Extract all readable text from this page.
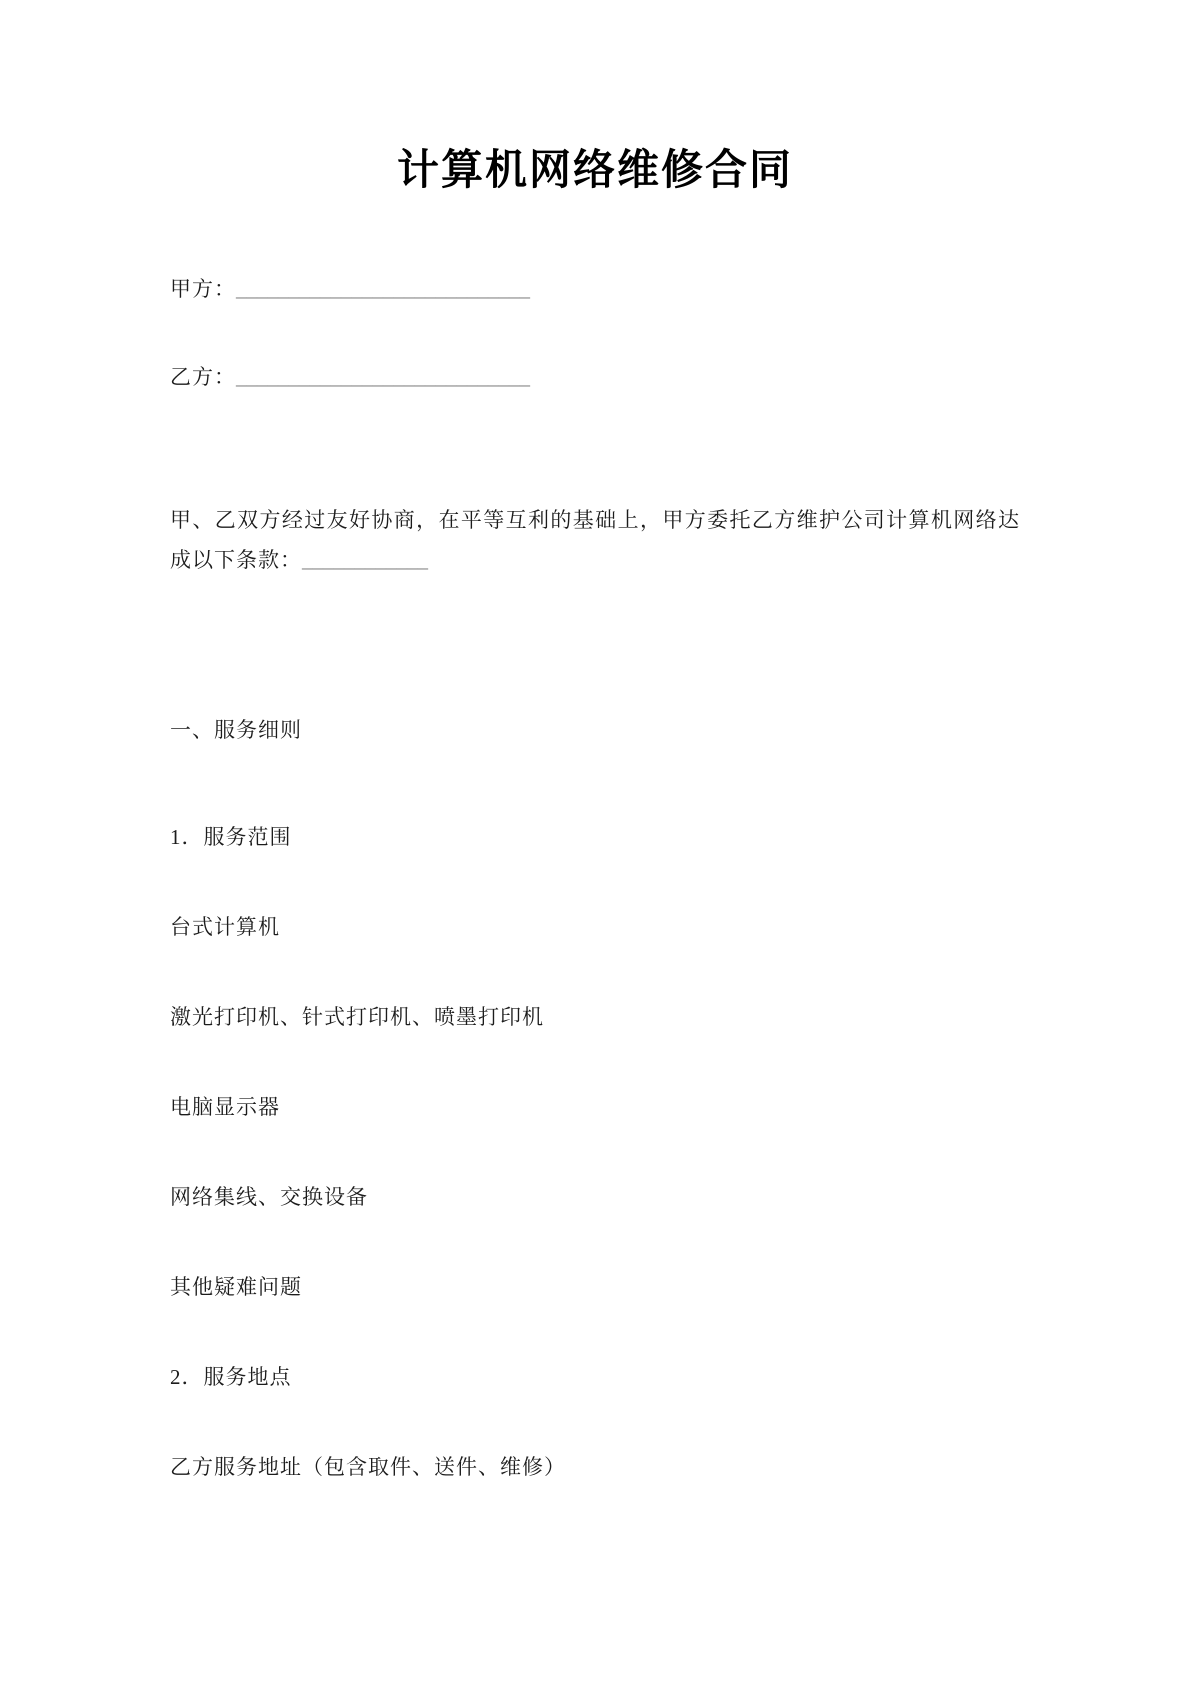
计算机网络维修合同

甲方：____________________________

乙方：____________________________

甲、乙双方经过友好协商，在平等互利的基础上，甲方委托乙方维护公司计算机网络达成以下条款：____________

一、服务细则

1．服务范围

台式计算机

激光打印机、针式打印机、喷墨打印机

电脑显示器

网络集线、交换设备

其他疑难问题

2．服务地点

乙方服务地址（包含取件、送件、维修）
